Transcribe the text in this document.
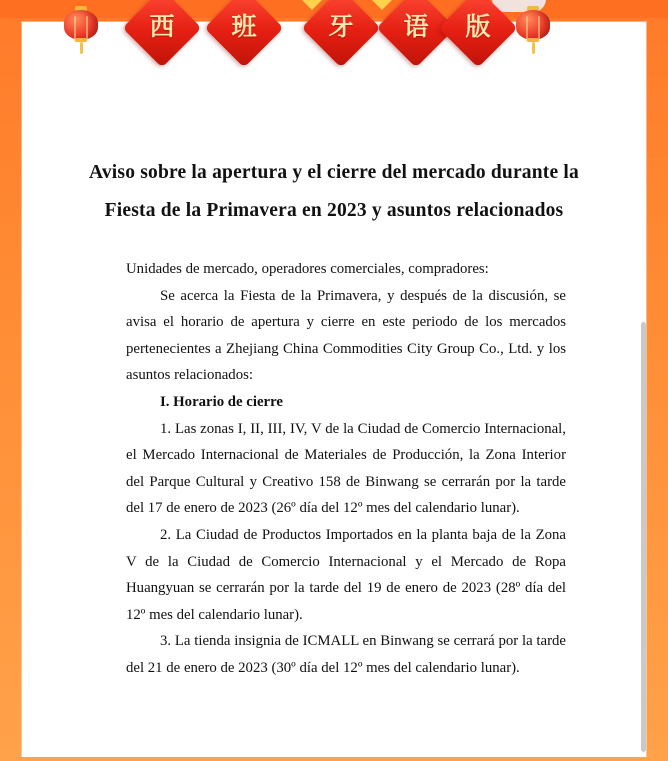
Aviso sobre la apertura y el cierre del mercado durante la Fiesta de la Primavera en 2023 y asuntos relacionados

Unidades de mercado, operadores comerciales, compradores:

Se acerca la Fiesta de la Primavera, y después de la discusión, se avisa el horario de apertura y cierre en este periodo de los mercados pertenecientes a Zhejiang China Commodities City Group Co., Ltd. y los asuntos relacionados:

I. Horario de cierre

1. Las zonas I, II, III, IV, V de la Ciudad de Comercio Internacional, el Mercado Internacional de Materiales de Producción, la Zona Interior del Parque Cultural y Creativo 158 de Binwang se cerrarán por la tarde del 17 de enero de 2023 (26º día del 12º mes del calendario lunar).

2. La Ciudad de Productos Importados en la planta baja de la Zona V de la Ciudad de Comercio Internacional y el Mercado de Ropa Huangyuan se cerrarán por la tarde del 19 de enero de 2023 (28º día del 12º mes del calendario lunar).

3. La tienda insignia de ICMALL en Binwang se cerrará por la tarde del 21 de enero de 2023 (30º día del 12º mes del calendario lunar).

西	班	牙	语	版
